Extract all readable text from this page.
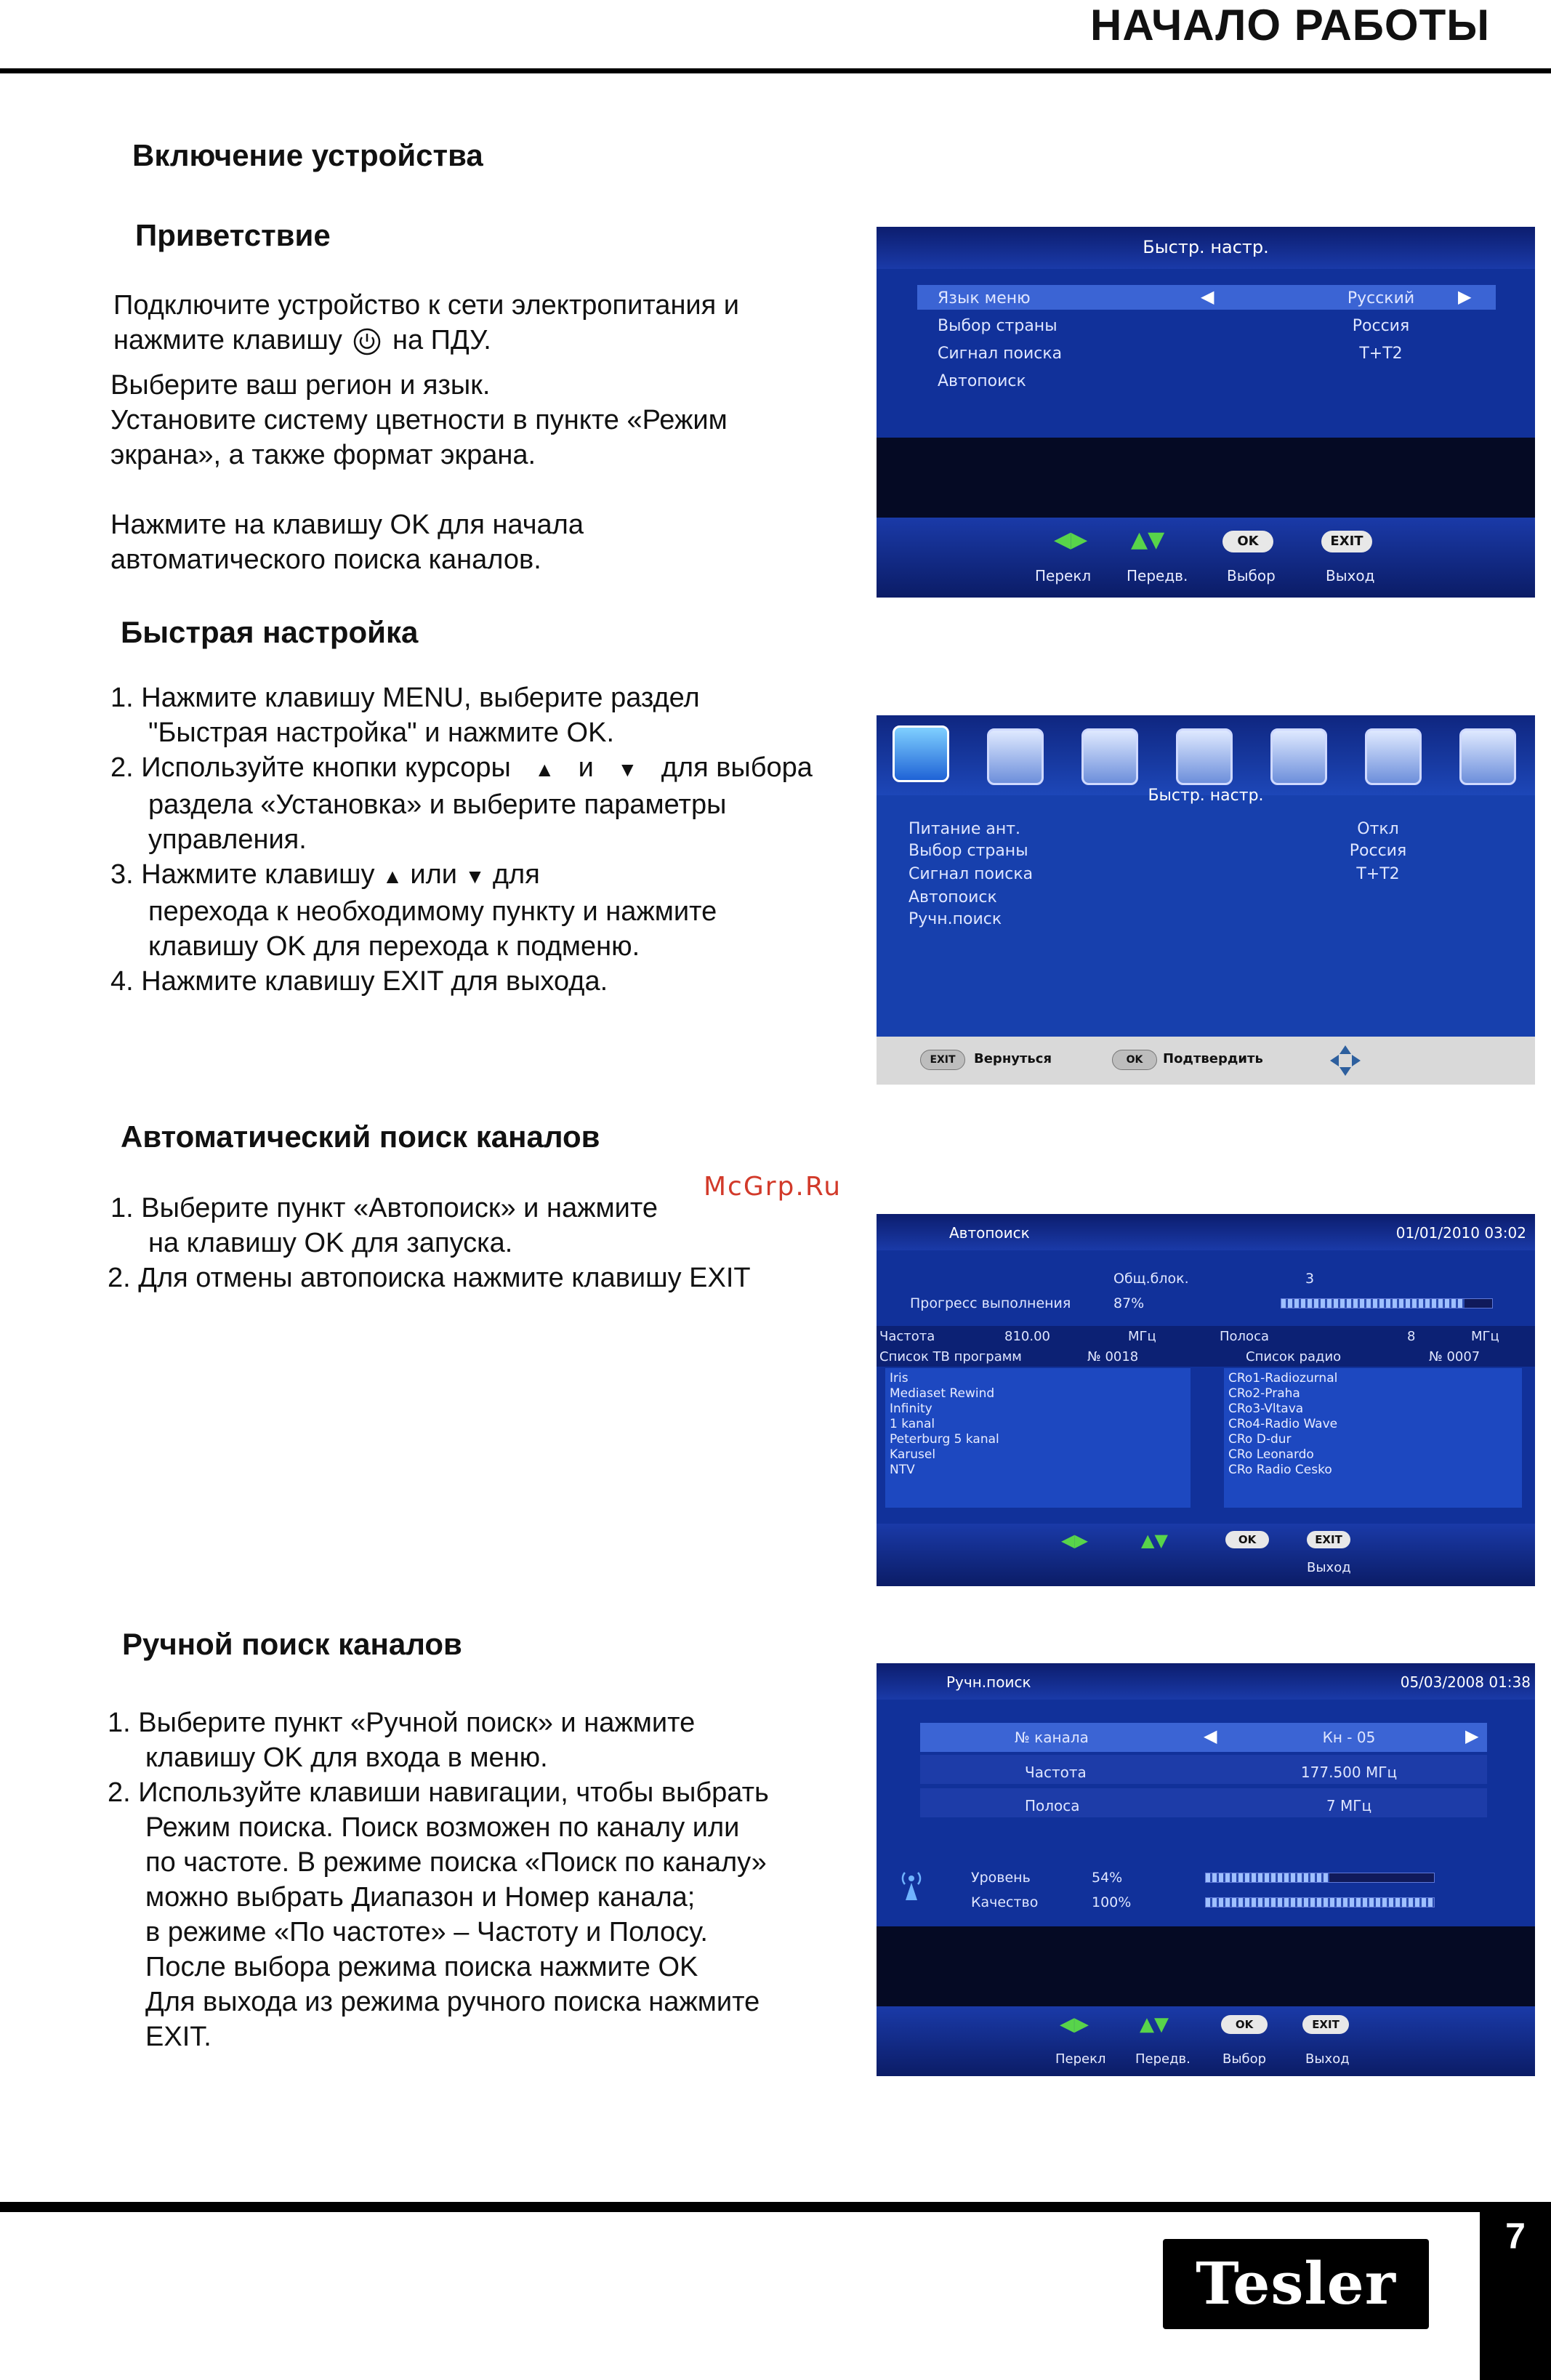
НАЧАЛО РАБОТЫ
McGrp.Ru
Включение устройства
Приветствие

Подключите устройство к сети электропитания и

нажмите клавишу на ПДУ.

Выберите ваш регион и язык.

Установите систему цветности в пункте «Режим

экрана», а также формат экрана.

Нажмите на клавишу OK для начала

автоматического поиска каналов.

Быстр. настр.
Язык меню	◀	Русский	▶
Выбор страны	Россия
Сигнал поиска	T+T2
Автопоиск
◀▶ ▲▼	OK	EXIT
Перекл Передв.	Выбор	Выход
Быстрая настройка

1. Нажмите клавишу MENU, выберите раздел

"Быстрая настройка" и нажмите OK.

2. Используйте кнопки курсоры ▲ и ▼ для выбора

раздела «Установка» и выберите параметры

управления.

3. Нажмите клавишу ▲ или ▼ для

перехода к необходимому пункту и нажмите

клавишу OK для перехода к подменю.

4. Нажмите клавишу EXIT для выхода.

Быстр. настр.
Питание ант.	Откл
Выбор страны	Россия
Сигнал поиска	T+T2
Автопоиск
Ручн.поиск
EXIT	Вернуться	OK	Подтвердить
Автоматический поиск каналов

1. Выберите пункт «Автопоиск» и нажмите

на клавишу OK для запуска.

2. Для отмены автопоиска нажмите клавишу EXIT

Автопоиск	01/01/2010 03:02
Общ.блок.	3
Прогресс выполнения	87%
Частота	810.00	МГц	Полоса	8	МГц
Список ТВ программ	№ 0018	Список радио	№ 0007
Iris
Mediaset Rewind
Infinity
1 kanal
Peterburg 5 kanal
Karusel
NTV
CRo1-Radiozurnal
CRo2-Praha
CRo3-Vltava
CRo4-Radio Wave
CRo D-dur
CRo Leonardo
CRo Radio Cesko
◀▶	▲▼	OK	EXIT
Выход
Ручной поиск каналов

1. Выберите пункт «Ручной поиск» и нажмите

клавишу OK для входа в меню.

2. Используйте клавиши навигации, чтобы выбрать

Режим поиска. Поиск возможен по каналу или

по частоте. В режиме поиска «Поиск по каналу»

можно выбрать Диапазон и Номер канала;

в режиме «По частоте» – Частоту и Полосу.

После выбора режима поиска нажмите OK

Для выхода из режима ручного поиска нажмите

EXIT.

Ручн.поиск	05/03/2008 01:38
№ канала	◀	Кн - 05	▶
Частота	177.500 МГц
Полоса	7 МГц
Уровень	54%
Качество	100%
◀▶	▲▼	OK	EXIT
Перекл Передв. Выбор	Выход
7
Tesler
